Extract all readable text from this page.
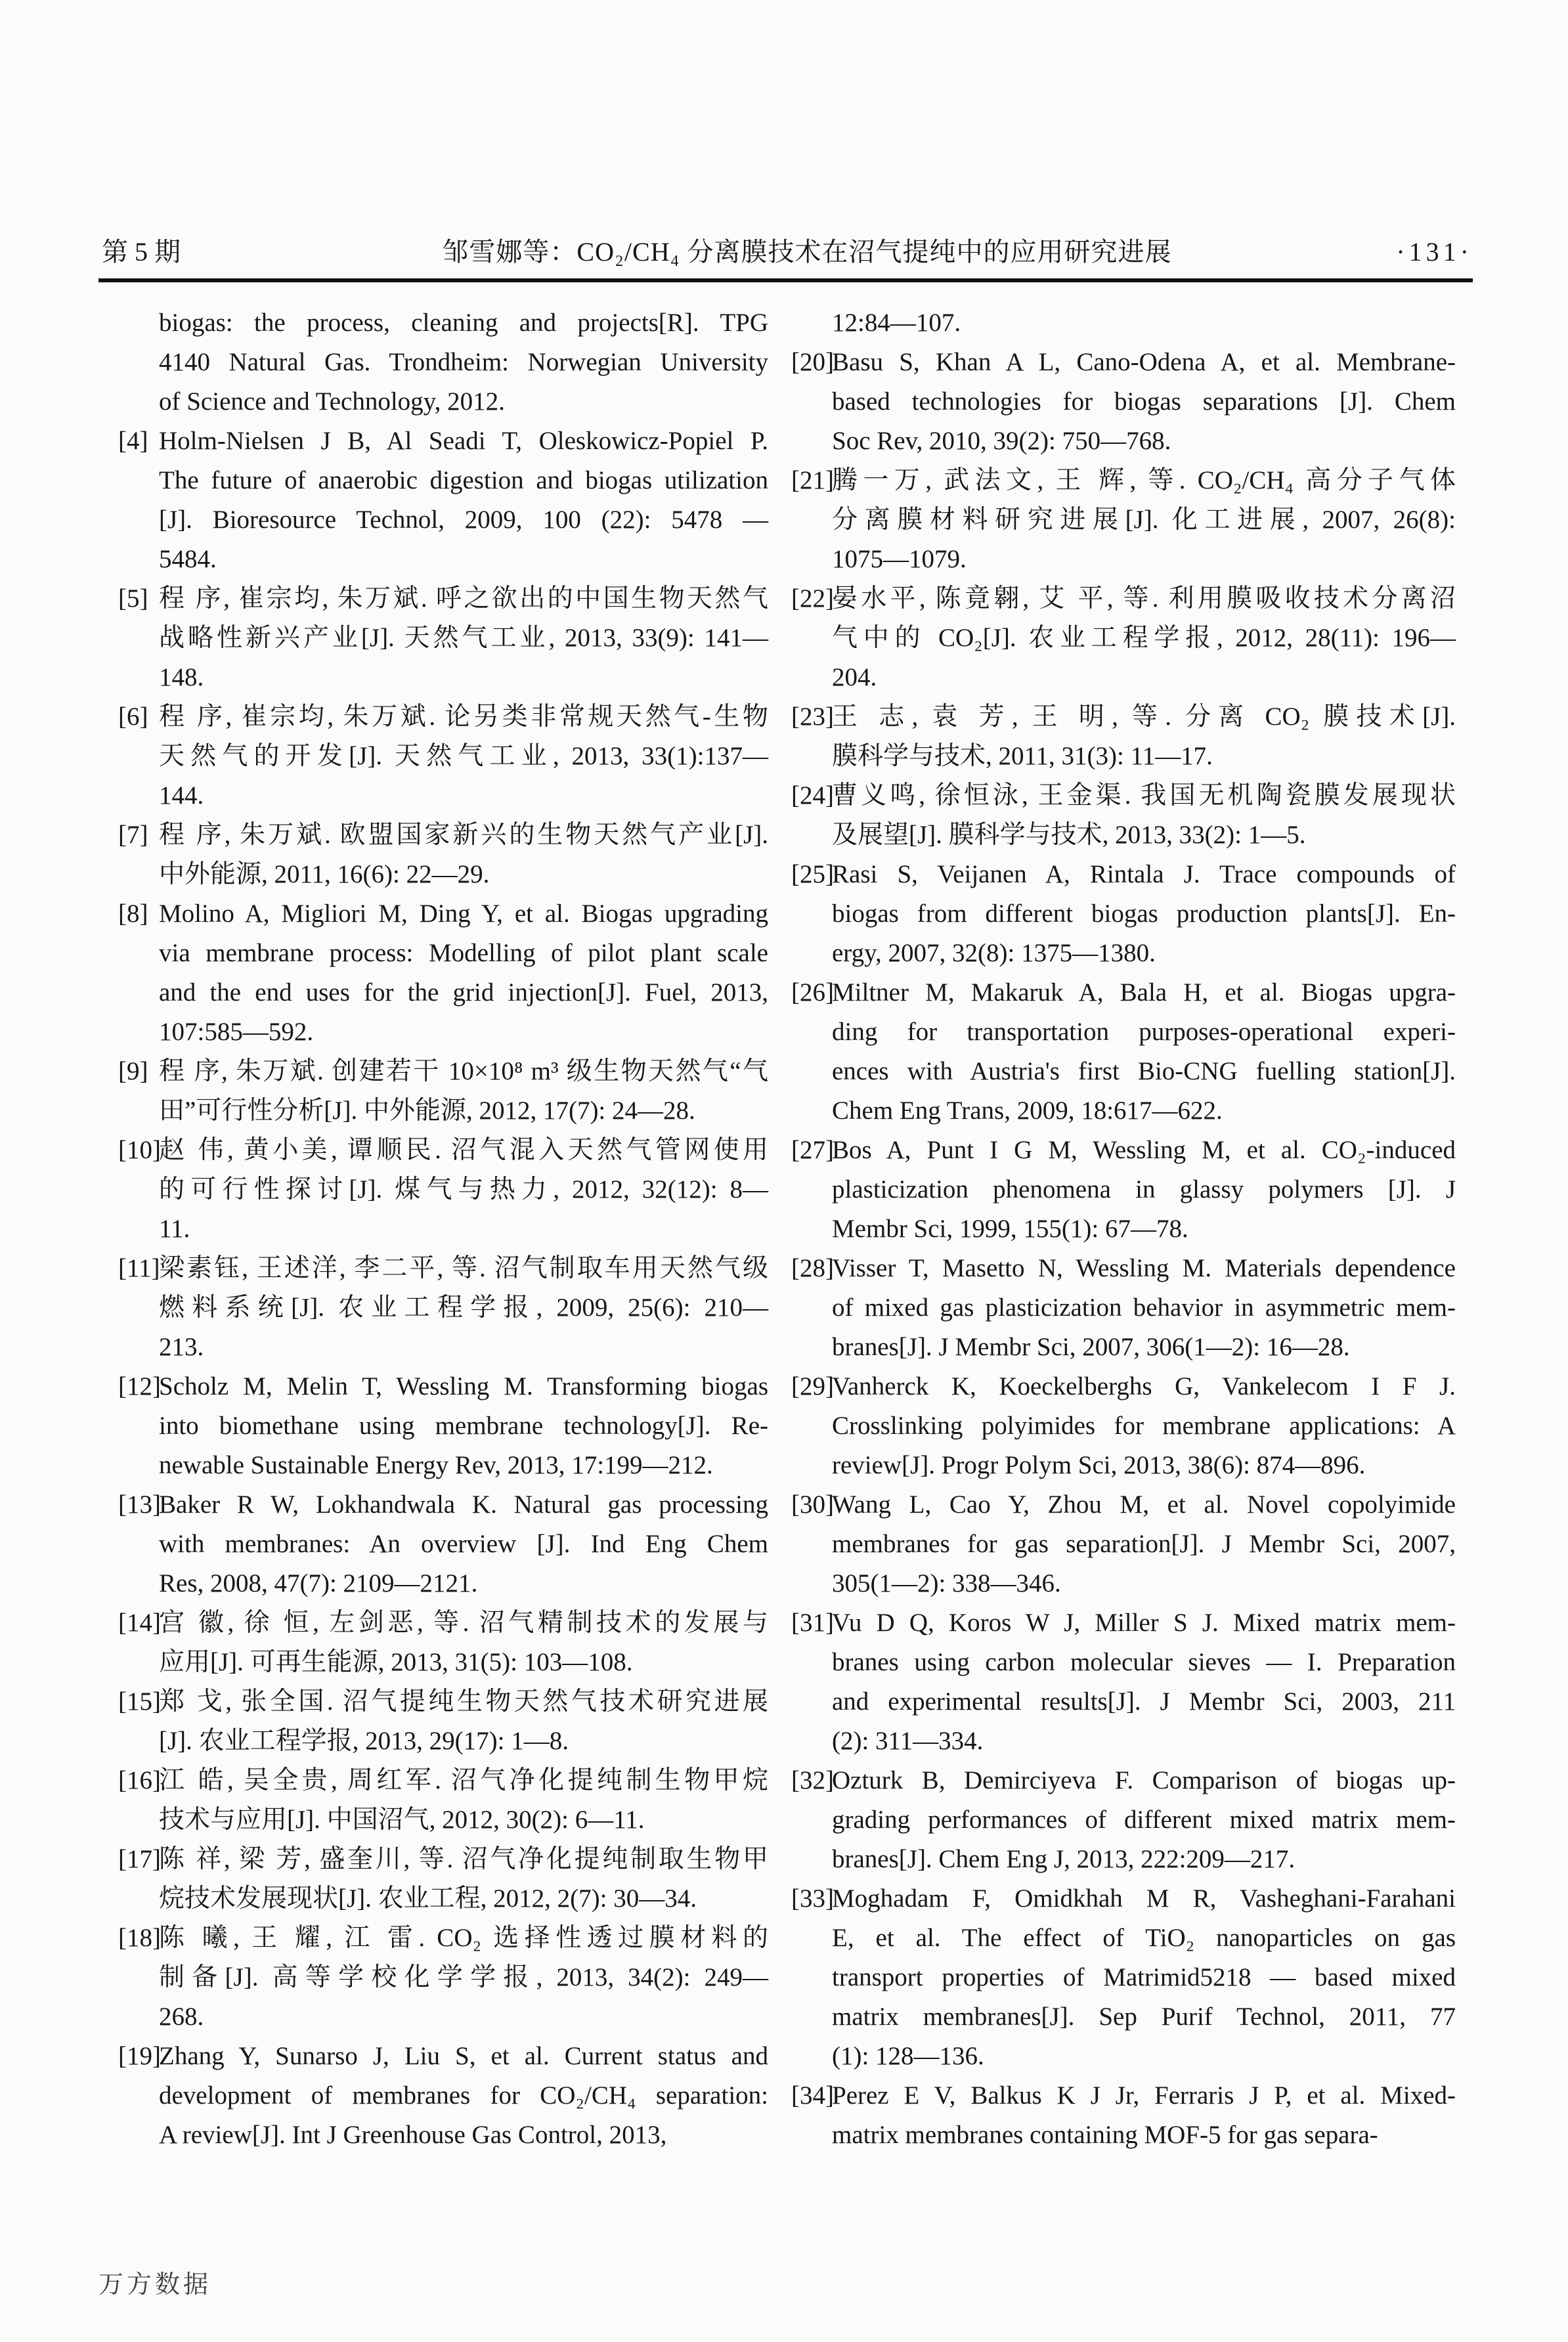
第 5 期	邹雪娜等：CO₂/CH₄ 分离膜技术在沼气提纯中的应用研究进展	·131·
biogas: the process, cleaning and projects[R]. TPG
4140 Natural Gas. Trondheim: Norwegian University
of Science and Technology, 2012.
[4] Holm-Nielsen J B, Al Seadi T, Oleskowicz-Popiel P.
The future of anaerobic digestion and biogas utilization
[J]. Bioresource Technol, 2009, 100 (22): 5478 —
5484.
[5] 程 序, 崔宗均, 朱万斌. 呼之欲出的中国生物天然气
战略性新兴产业[J]. 天然气工业, 2013, 33(9): 141—
148.
[6] 程 序, 崔宗均, 朱万斌. 论另类非常规天然气-生物
天然气的开发[J]. 天然气工业, 2013, 33(1):137—
144.
[7] 程 序, 朱万斌. 欧盟国家新兴的生物天然气产业[J].
中外能源, 2011, 16(6): 22—29.
[8] Molino A, Migliori M, Ding Y, et al. Biogas upgrading
via membrane process: Modelling of pilot plant scale
and the end uses for the grid injection[J]. Fuel, 2013,
107:585—592.
[9] 程 序, 朱万斌. 创建若干 10×10⁸ m³ 级生物天然气“气
田”可行性分析[J]. 中外能源, 2012, 17(7): 24—28.
[10]
赵 伟, 黄小美, 谭顺民. 沼气混入天然气管网使用
的可行性探讨[J]. 煤气与热力, 2012, 32(12): 8—
11.
[11]
梁素钰, 王述洋, 李二平, 等. 沼气制取车用天然气级
燃料系统[J]. 农业工程学报, 2009, 25(6): 210—
213.
[12]
Scholz M, Melin T, Wessling M. Transforming biogas
into biomethane using membrane technology[J]. Re-
newable Sustainable Energy Rev, 2013, 17:199—212.
[13]
Baker R W, Lokhandwala K. Natural gas processing
with membranes: An overview [J]. Ind Eng Chem
Res, 2008, 47(7): 2109—2121.
[14]
宫 徽, 徐 恒, 左剑恶, 等. 沼气精制技术的发展与
应用[J]. 可再生能源, 2013, 31(5): 103—108.
[15]
郑 戈, 张全国. 沼气提纯生物天然气技术研究进展
[J]. 农业工程学报, 2013, 29(17): 1—8.
[16]
江 皓, 吴全贵, 周红军. 沼气净化提纯制生物甲烷
技术与应用[J]. 中国沼气, 2012, 30(2): 6—11.
[17]
陈 祥, 梁 芳, 盛奎川, 等. 沼气净化提纯制取生物甲
烷技术发展现状[J]. 农业工程, 2012, 2(7): 30—34.
[18]
陈 曦, 王 耀, 江 雷. CO₂ 选择性透过膜材料的
制备[J]. 高等学校化学学报, 2013, 34(2): 249—
268.
[19]
Zhang Y, Sunarso J, Liu S, et al. Current status and
development of membranes for CO₂/CH₄ separation:
A review[J]. Int J Greenhouse Gas Control, 2013,
12:84—107.
[20]
Basu S, Khan A L, Cano-Odena A, et al. Membrane-
based technologies for biogas separations [J]. Chem
Soc Rev, 2010, 39(2): 750—768.
[21]
腾一万, 武法文, 王 辉, 等. CO₂/CH₄ 高分子气体
分离膜材料研究进展[J]. 化工进展, 2007, 26(8):
1075—1079.
[22]
晏水平, 陈竟翱, 艾 平, 等. 利用膜吸收技术分离沼
气中的 CO₂[J]. 农业工程学报, 2012, 28(11): 196—
204.
[23]
王 志, 袁 芳, 王 明, 等. 分离 CO₂ 膜技术[J].
膜科学与技术, 2011, 31(3): 11—17.
[24]
曹义鸣, 徐恒泳, 王金渠. 我国无机陶瓷膜发展现状
及展望[J]. 膜科学与技术, 2013, 33(2): 1—5.
[25]
Rasi S, Veijanen A, Rintala J. Trace compounds of
biogas from different biogas production plants[J]. En-
ergy, 2007, 32(8): 1375—1380.
[26]
Miltner M, Makaruk A, Bala H, et al. Biogas upgra-
ding for transportation purposes-operational experi-
ences with Austria's first Bio-CNG fuelling station[J].
Chem Eng Trans, 2009, 18:617—622.
[27]
Bos A, Punt I G M, Wessling M, et al. CO₂-induced
plasticization phenomena in glassy polymers [J]. J
Membr Sci, 1999, 155(1): 67—78.
[28]
Visser T, Masetto N, Wessling M. Materials dependence
of mixed gas plasticization behavior in asymmetric mem-
branes[J]. J Membr Sci, 2007, 306(1—2): 16—28.
[29]
Vanherck K, Koeckelberghs G, Vankelecom I F J.
Crosslinking polyimides for membrane applications: A
review[J]. Progr Polym Sci, 2013, 38(6): 874—896.
[30]
Wang L, Cao Y, Zhou M, et al. Novel copolyimide
membranes for gas separation[J]. J Membr Sci, 2007,
305(1—2): 338—346.
[31]
Vu D Q, Koros W J, Miller S J. Mixed matrix mem-
branes using carbon molecular sieves — I. Preparation
and experimental results[J]. J Membr Sci, 2003, 211
(2): 311—334.
[32]
Ozturk B, Demirciyeva F. Comparison of biogas up-
grading performances of different mixed matrix mem-
branes[J]. Chem Eng J, 2013, 222:209—217.
[33]
Moghadam F, Omidkhah M R, Vasheghani-Farahani
E, et al. The effect of TiO₂ nanoparticles on gas
transport properties of Matrimid5218 — based mixed
matrix membranes[J]. Sep Purif Technol, 2011, 77
(1): 128—136.
[34]
Perez E V, Balkus K J Jr, Ferraris J P, et al. Mixed-
matrix membranes containing MOF-5 for gas separa-
万方数据
